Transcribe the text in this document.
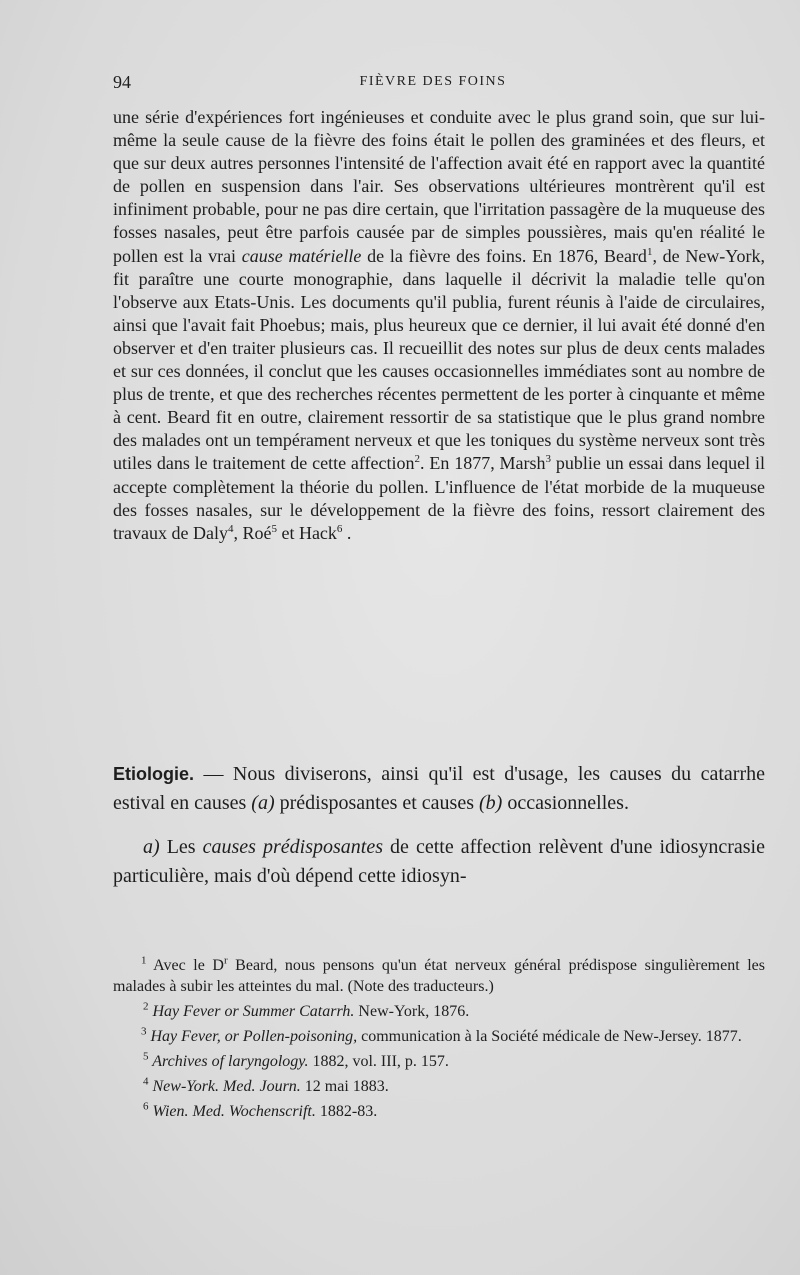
94	FIÈVRE DES FOINS

une série d'expériences fort ingénieuses et conduite avec le plus grand soin, que sur lui-même la seule cause de la fièvre des foins était le pollen des graminées et des fleurs, et que sur deux autres personnes l'intensité de l'affection avait été en rapport avec la quantité de pollen en suspension dans l'air. Ses observations ultérieures montrèrent qu'il est infiniment probable, pour ne pas dire certain, que l'irritation passagère de la muqueuse des fosses nasales, peut être parfois causée par de simples poussières, mais qu'en réalité le pollen est la vrai cause matérielle de la fièvre des foins. En 1876, Beard$^1$, de New-York, fit paraître une courte monographie, dans laquelle il décrivit la maladie telle qu'on l'observe aux Etats-Unis. Les documents qu'il publia, furent réunis à l'aide de circulaires, ainsi que l'avait fait Phoebus; mais, plus heureux que ce dernier, il lui avait été donné d'en observer et d'en traiter plusieurs cas. Il recueillit des notes sur plus de deux cents malades et sur ces données, il conclut que les causes occasionnelles immédiates sont au nombre de plus de trente, et que des recherches récentes permettent de les porter à cinquante et même à cent. Beard fit en outre, clairement ressortir de sa statistique que le plus grand nombre des malades ont un tempérament nerveux et que les toniques du système nerveux sont très utiles dans le traitement de cette affection$^2$. En 1877, Marsh$^3$ publie un essai dans lequel il accepte complètement la théorie du pollen. L'influence de l'état morbide de la muqueuse des fosses nasales, sur le développement de la fièvre des foins, ressort clairement des travaux de Daly$^4$, Roé$^5$ et Hack$^6$ .

Etiologie. — Nous diviserons, ainsi qu'il est d'usage, les causes du catarrhe estival en causes (a) prédisposantes et causes (b) occasionnelles.

a) Les causes prédisposantes de cette affection relèvent d'une idiosyncrasie particulière, mais d'où dépend cette idiosyn-

$^1$ Avec le $D^r$ Beard, nous pensons qu'un état nerveux général prédispose singulièrement les malades à subir les atteintes du mal. (Note des traducteurs.)

$^2$ Hay Fever or Summer Catarrh. New-York, 1876.

$^3$ Hay Fever, or Pollen-poisoning, communication à la Société médicale de New-Jersey. 1877.

$^5$ Archives of laryngology. 1882, vol. III, p. 157.

$^4$ New-York. Med. Journ. 12 mai 1883.

$^6$ Wien. Med. Wochenscrift. 1882-83.
